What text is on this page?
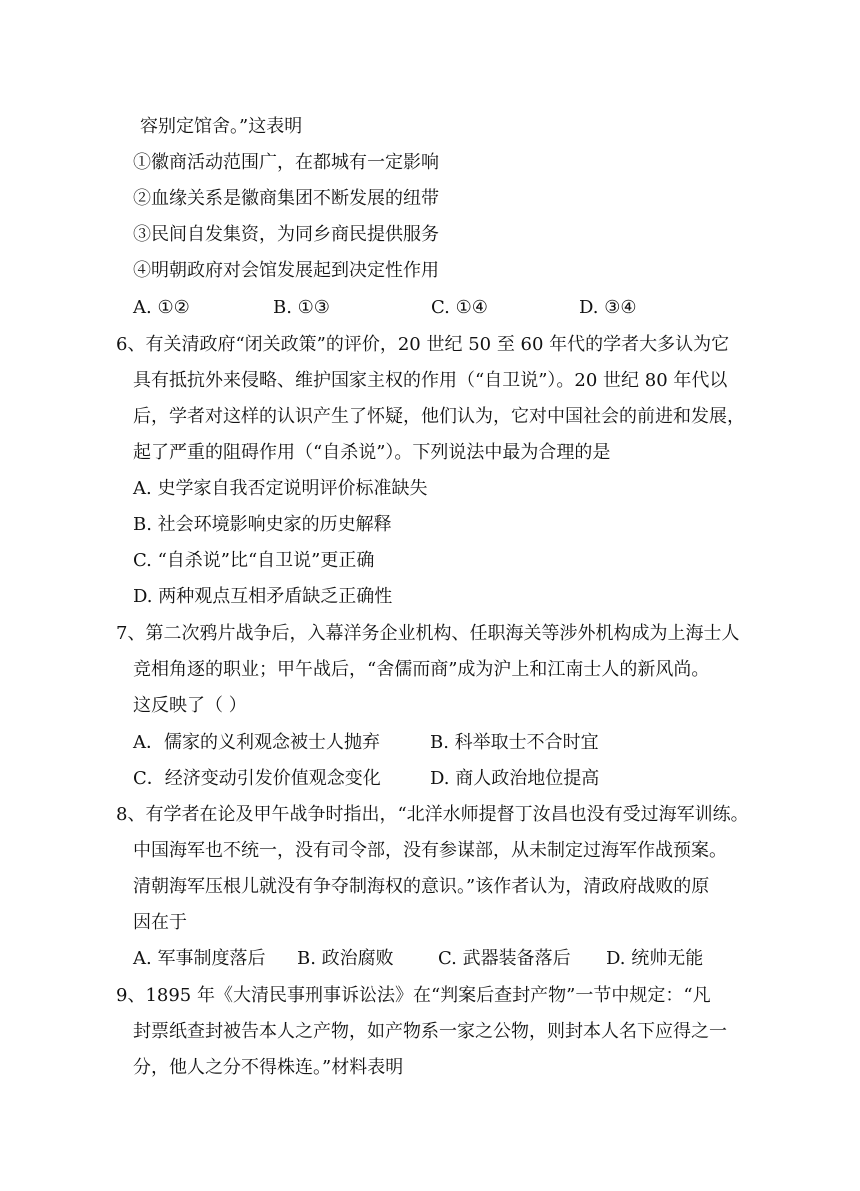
容别定馆舍。”这表明
①徽商活动范围广，在都城有一定影响
②血缘关系是徽商集团不断发展的纽带
③民间自发集资，为同乡商民提供服务
④明朝政府对会馆发展起到决定性作用
A. ①②	B. ①③	C. ①④	D. ③④
6、有关清政府“闭关政策”的评价，20 世纪 50 至 60 年代的学者大多认为它
具有抵抗外来侵略、维护国家主权的作用（“自卫说”）。20 世纪 80 年代以
后，学者对这样的认识产生了怀疑，他们认为，它对中国社会的前进和发展，
起了严重的阻碍作用（“自杀说”）。下列说法中最为合理的是
A. 史学家自我否定说明评价标准缺失
B. 社会环境影响史家的历史解释
C. “自杀说”比“自卫说”更正确
D. 两种观点互相矛盾缺乏正确性
7、第二次鸦片战争后，入幕洋务企业机构、任职海关等涉外机构成为上海士人
竞相角逐的职业；甲午战后，“舍儒而商”成为沪上和江南士人的新风尚。
这反映了（ ）
A．儒家的义利观念被士人抛弃	B. 科举取士不合时宜
C．经济变动引发价值观念变化	D. 商人政治地位提高
8、有学者在论及甲午战争时指出，“北洋水师提督丁汝昌也没有受过海军训练。
中国海军也不统一，没有司令部，没有参谋部，从未制定过海军作战预案。
清朝海军压根儿就没有争夺制海权的意识。”该作者认为，清政府战败的原
因在于
A. 军事制度落后 B. 政治腐败 C. 武器装备落后 D. 统帅无能
9、1895 年《大清民事刑事诉讼法》在“判案后查封产物”一节中规定：“凡
封票纸查封被告本人之产物，如产物系一家之公物，则封本人名下应得之一
分，他人之分不得株连。”材料表明
